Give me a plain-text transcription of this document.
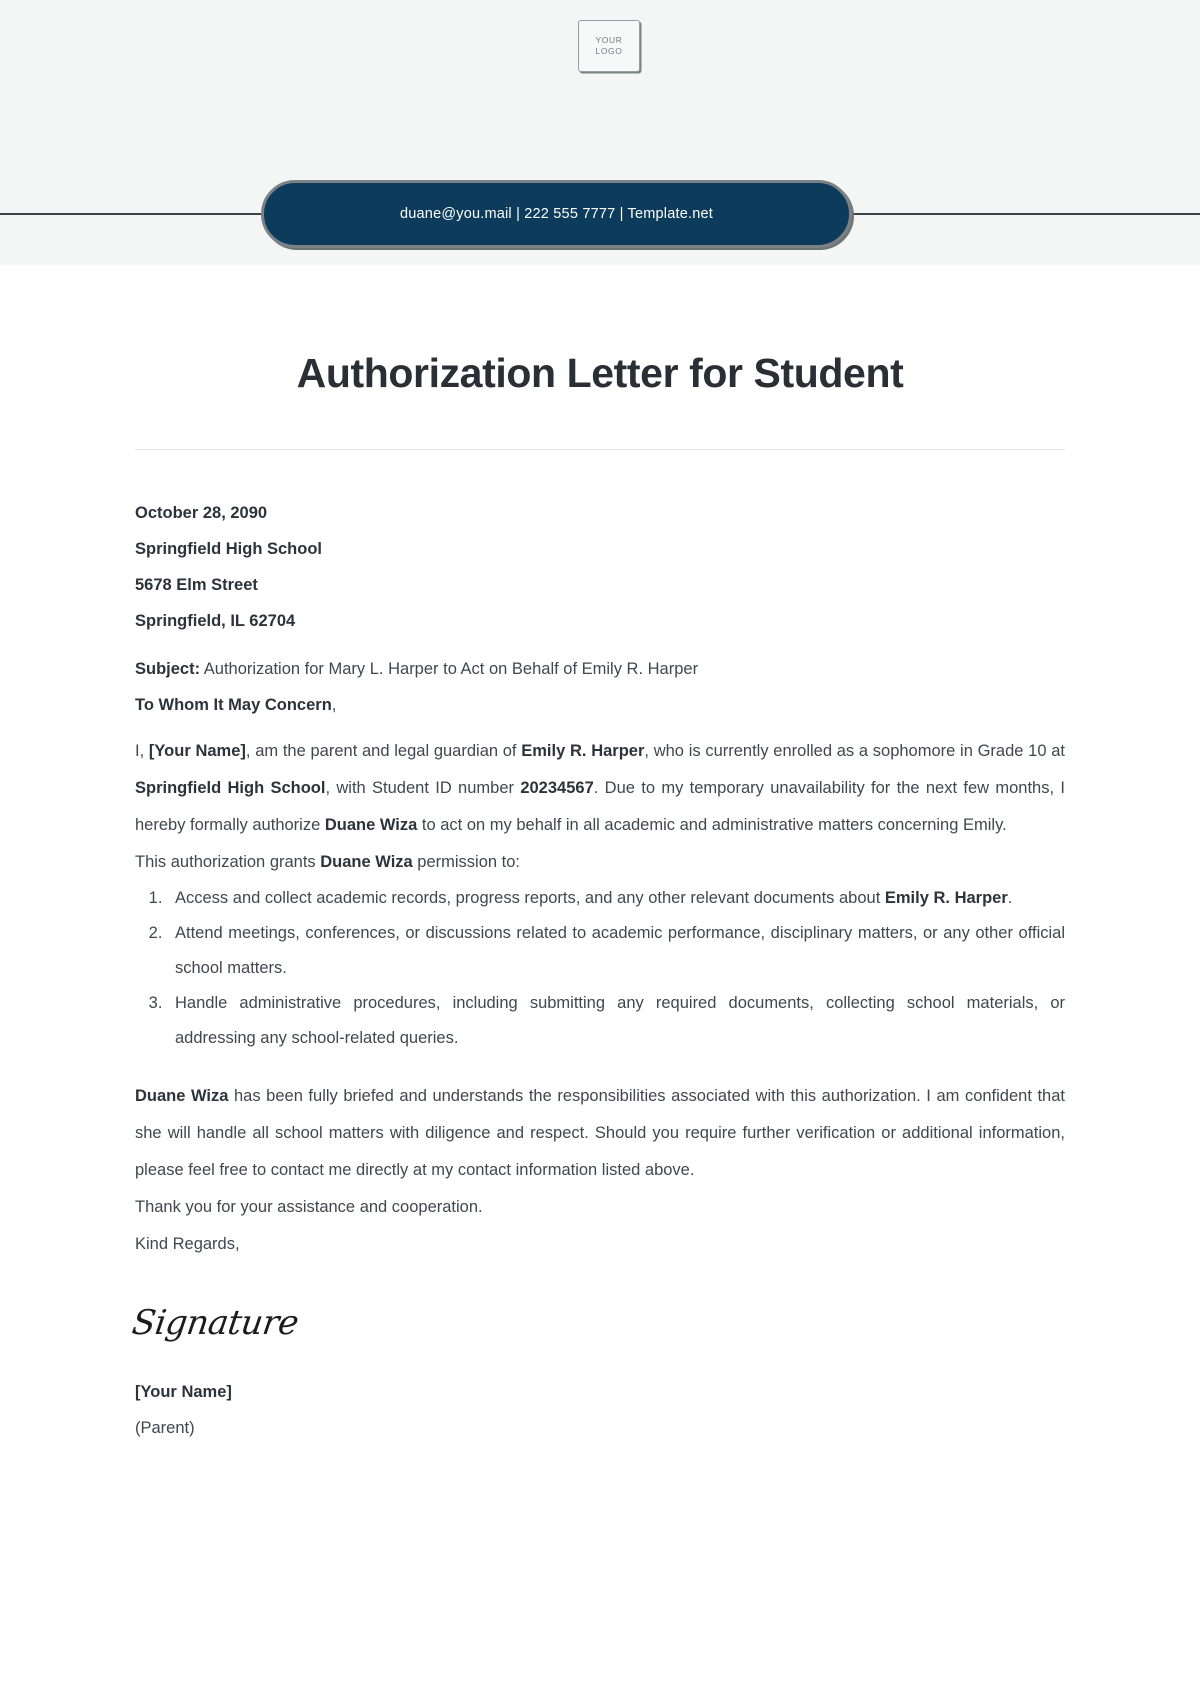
YOUR
LOGO
duane@you.mail | 222 555 7777 | Template.net
Authorization Letter for Student
October 28, 2090
Springfield High School
5678 Elm Street
Springfield, IL 62704
Subject: Authorization for Mary L. Harper to Act on Behalf of Emily R. Harper
To Whom It May Concern,

I, [Your Name], am the parent and legal guardian of Emily R. Harper, who is currently enrolled as a sophomore in Grade 10 at Springfield High School, with Student ID number 20234567. Due to my temporary unavailability for the next few months, I hereby formally authorize Duane Wiza to act on my behalf in all academic and administrative matters concerning Emily.

This authorization grants Duane Wiza permission to:

1. Access and collect academic records, progress reports, and any other relevant documents about Emily R. Harper.
2. Attend meetings, conferences, or discussions related to academic performance, disciplinary matters, or any other official school matters.
3. Handle administrative procedures, including submitting any required documents, collecting school materials, or addressing any school-related queries.

Duane Wiza has been fully briefed and understands the responsibilities associated with this authorization. I am confident that she will handle all school matters with diligence and respect. Should you require further verification or additional information, please feel free to contact me directly at my contact information listed above.

Thank you for your assistance and cooperation.

Kind Regards,

Signature
[Your Name]
(Parent)
